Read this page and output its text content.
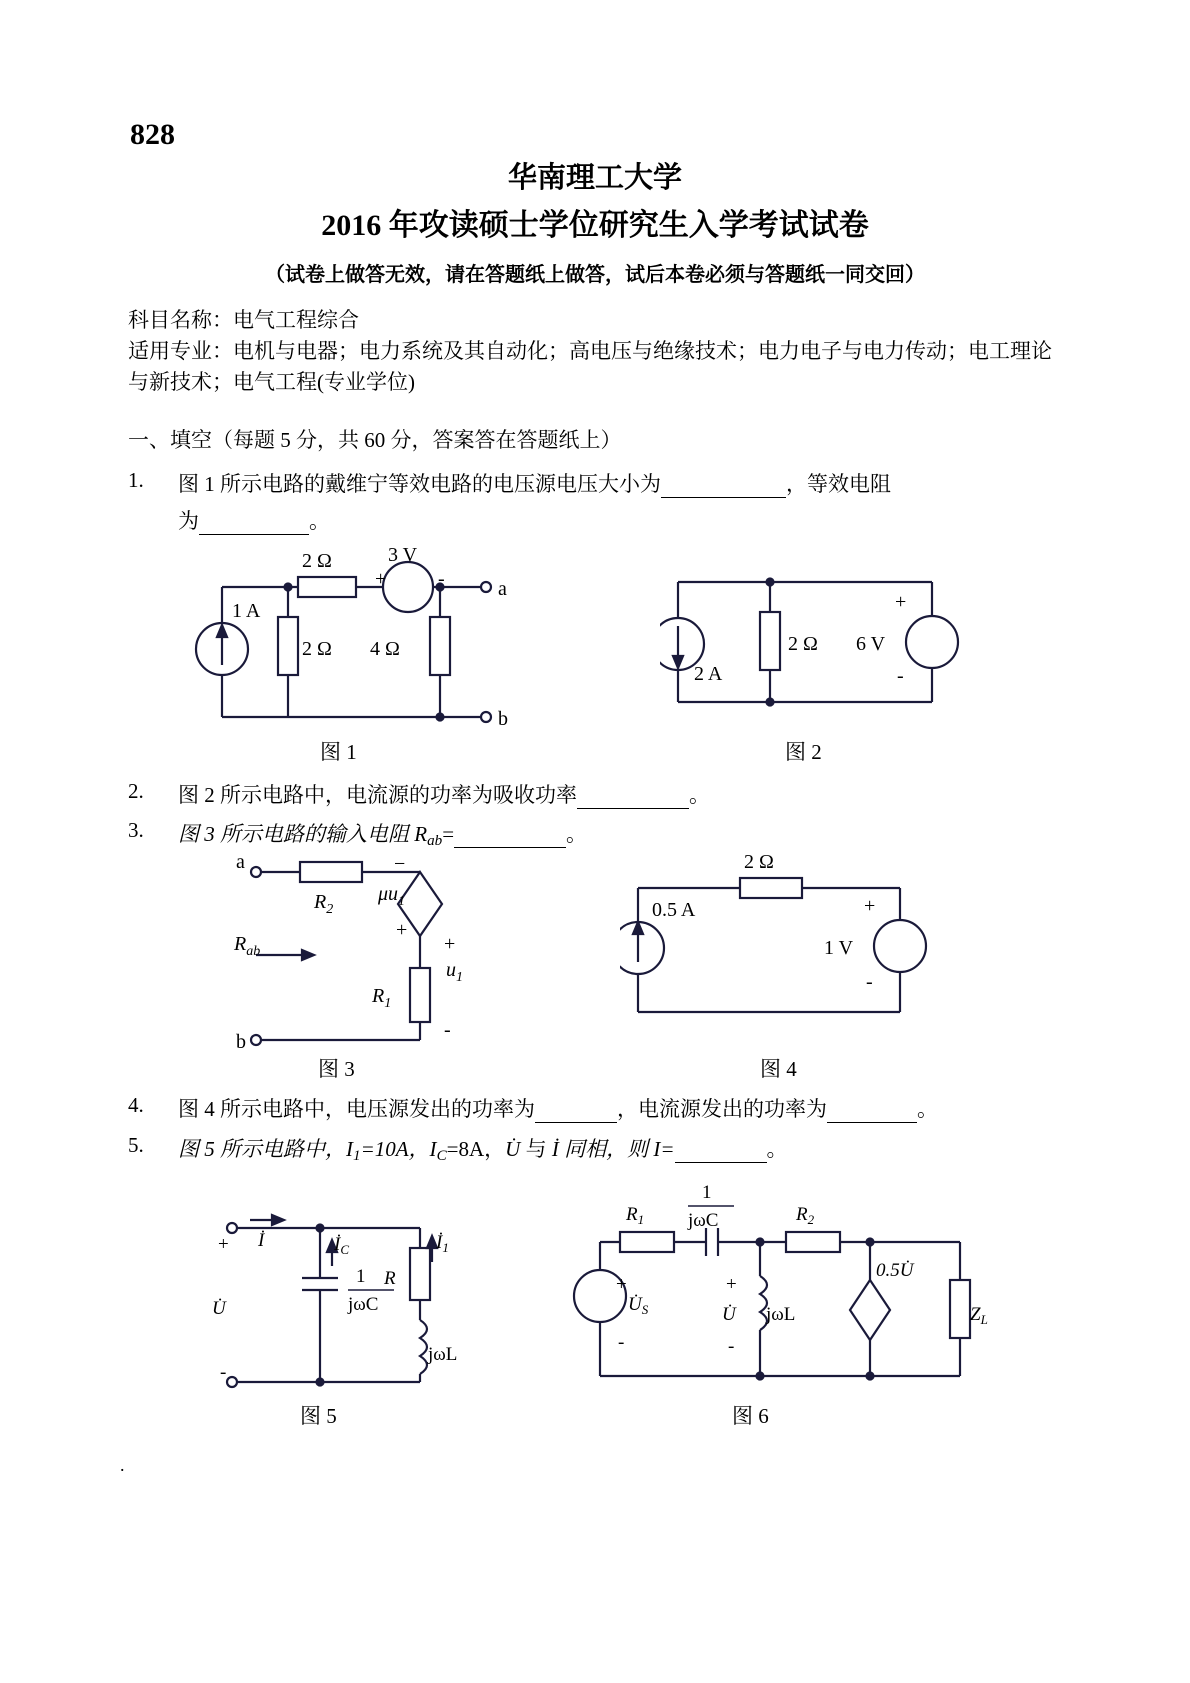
828
华南理工大学
2016 年攻读硕士学位研究生入学考试试卷
（试卷上做答无效，请在答题纸上做答，试后本卷必须与答题纸一同交回）
科目名称：电气工程综合
适用专业：电机与电器；电力系统及其自动化；高电压与绝缘技术；电力电子与电力传动；电工理论与新技术；电气工程(专业学位)
一、填空（每题 5 分，共 60 分，答案答在答题纸上）
1. 图 1 所示电路的戴维宁等效电路的电压源电压大小为	，等效电阻
为	。
2 Ω	3 V
+	-
1 A
2 Ω 4 Ω
a
b
图 1
2 A
2 Ω 6 V
+
-
图 2
2. 图 2 所示电路中，电流源的功率为吸收功率	。
3. 图 3 所示电路的输入电阻 $R_{ab}=$	。
a
b
$R_2$
$\mu u_1$
−
+
$R_1$
$u_1$
+
-
$R_{ab}$
图 3
2 Ω
0.5 A
1 V
+
-
图 4
4. 图 4 所示电路中，电压源发出的功率为	，电流源发出的功率为	。
5. 图 5 所示电路中，$I_1=10A$，$I_C=8A$，U̇ 与 İ 同相，则 I=	。
+
-
İ
U̇
$İ_C$
1
jωC
$İ_1$
R
jωL
图 5
$R_1$
1
jωC	$R_2$
+
-
$U̇_S$
+
-
U̇ jωL
0.5U̇
$Z_L$
图 6
.
